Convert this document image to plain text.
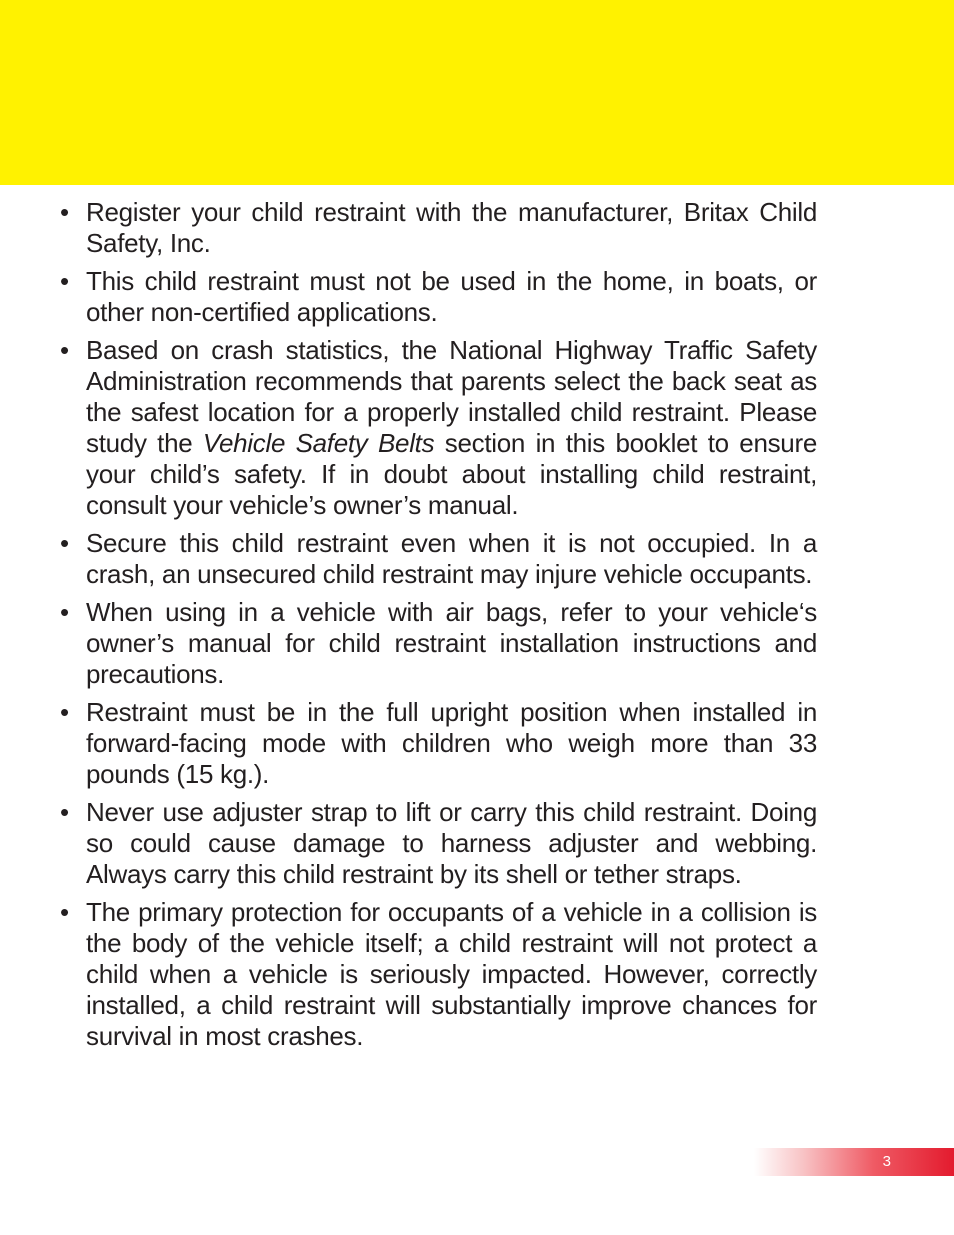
• Register your child restraint with the manufacturer, Britax Child Safety, Inc.
• This child restraint must not be used in the home, in boats, or other non-certified applications.
• Based on crash statistics, the National Highway Traffic Safety Administration recommends that parents select the back seat as the safest location for a properly installed child restraint. Please study the Vehicle Safety Belts section in this booklet to ensure your child’s safety. If in doubt about installing child restraint, consult your vehicle’s owner’s manual.
• Secure this child restraint even when it is not occupied. In a crash, an unsecured child restraint may injure vehicle occupants.
• When using in a vehicle with air bags, refer to your vehicle‘s owner’s manual for child restraint installation instructions and precautions.
• Restraint must be in the full upright position when installed in forward-facing mode with children who weigh more than 33 pounds (15 kg.).
• Never use adjuster strap to lift or carry this child restraint. Doing so could cause damage to harness adjuster and webbing. Always carry this child restraint by its shell or tether straps.
• The primary protection for occupants of a vehicle in a collision is the body of the vehicle itself; a child restraint will not protect a child when a vehicle is seriously impacted. However, correctly installed, a child restraint will substantially improve chances for survival in most crashes.
3
